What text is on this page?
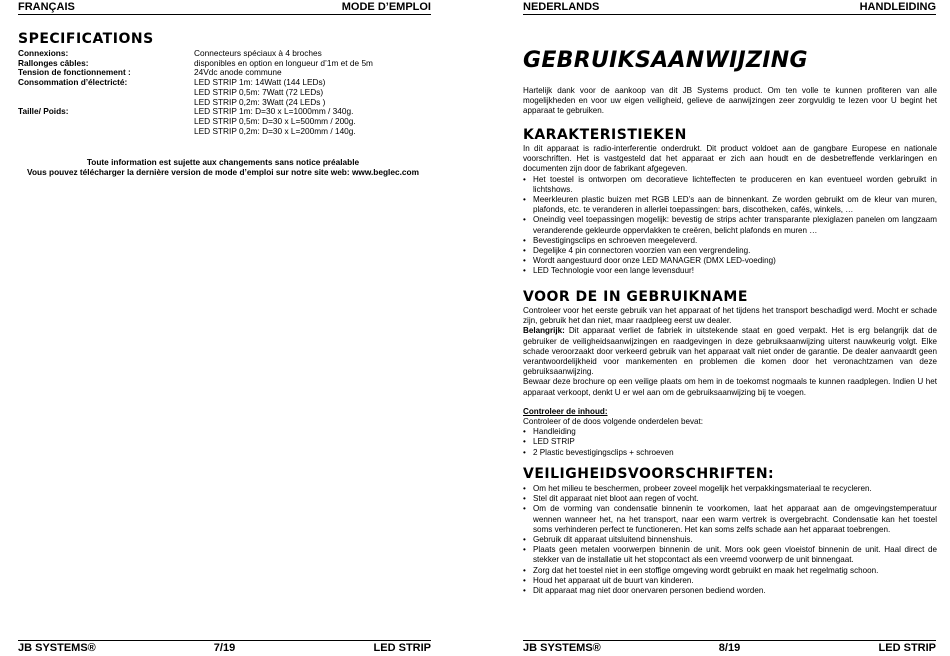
FRANÇAIS	MODE D’EMPLOI
SPECIFICATIONS
Connexions:	Connecteurs spéciaux à 4 broches
Rallonges câbles:	disponibles en option en longueur d’1m et de 5m
Tension de fonctionnement :	24Vdc anode commune
Consommation d’électricté:	LED STRIP 1m: 14Watt (144 LEDs)
LED STRIP 0,5m: 7Watt (72 LEDs)
LED STRIP 0,2m: 3Watt (24 LEDs )
Taille/ Poids:	LED STRIP 1m: D=30 x L=1000mm / 340g.
LED STRIP 0,5m: D=30 x L=500mm / 200g.
LED STRIP 0,2m: D=30 x L=200mm / 140g.
Toute information est sujette aux changements sans notice préalable
Vous pouvez télécharger la dernière version de mode d’emploi sur notre site web: www.beglec.com
JB SYSTEMS®	7/19	LED STRIP
NEDERLANDS	HANDLEIDING
GEBRUIKSAANWIJZING
Hartelijk dank voor de aankoop van dit JB Systems product. Om ten volle te kunnen profiteren van alle mogelijkheden en voor uw eigen veiligheid, gelieve de aanwijzingen zeer zorgvuldig te lezen voor U begint het apparaat te gebruiken.
KARAKTERISTIEKEN
In dit apparaat is radio-interferentie onderdrukt. Dit product voldoet aan de gangbare Europese en nationale voorschriften. Het is vastgesteld dat het apparaat er zich aan houdt en de desbetreffende verklaringen en documenten zijn door de fabrikant afgegeven.
• Het toestel is ontworpen om decoratieve lichteffecten te produceren en kan eventueel worden gebruikt in lichtshows.
• Meerkleuren plastic buizen met RGB LED’s aan de binnenkant. Ze worden gebruikt om de kleur van muren, plafonds, etc. te veranderen in allerlei toepassingen: bars, discotheken, cafés, winkels, …
• Oneindig veel toepassingen mogelijk: bevestig de strips achter transparante plexiglazen panelen om langzaam veranderende gekleurde oppervlakken te creëren, belicht plafonds en muren …
• Bevestigingsclips en schroeven meegeleverd.
• Degelijke 4 pin connectoren voorzien van een vergrendeling.
• Wordt aangestuurd door onze LED MANAGER (DMX LED-voeding)
• LED Technologie voor een lange levensduur!
VOOR DE IN GEBRUIKNAME
Controleer voor het eerste gebruik van het apparaat of het tijdens het transport beschadigd werd. Mocht er schade zijn, gebruik het dan niet, maar raadpleeg eerst uw dealer.
Belangrijk: Dit apparaat verliet de fabriek in uitstekende staat en goed verpakt. Het is erg belangrijk dat de gebruiker de veiligheidsaanwijzingen en raadgevingen in deze gebruiksaanwijzing uiterst nauwkeurig volgt. Elke schade veroorzaakt door verkeerd gebruik van het apparaat valt niet onder de garantie. De dealer aanvaardt geen verantwoordelijkheid voor mankementen en problemen die komen door het veronachtzamen van deze gebruiksaanwijzing.
Bewaar deze brochure op een veilige plaats om hem in de toekomst nogmaals te kunnen raadplegen. Indien U het apparaat verkoopt, denkt U er wel aan om de gebruiksaanwijzing bij te voegen.
Controleer de inhoud:
Controleer of de doos volgende onderdelen bevat:
• Handleiding
• LED STRIP
• 2 Plastic bevestigingsclips + schroeven
VEILIGHEIDSVOORSCHRIFTEN:
• Om het milieu te beschermen, probeer zoveel mogelijk het verpakkingsmateriaal te recycleren.
• Stel dit apparaat niet bloot aan regen of vocht.
• Om de vorming van condensatie binnenin te voorkomen, laat het apparaat aan de omgevingstemperatuur wennen wanneer het, na het transport, naar een warm vertrek is overgebracht. Condensatie kan het toestel soms verhinderen perfect te functioneren. Het kan soms zelfs schade aan het apparaat toebrengen.
• Gebruik dit apparaat uitsluitend binnenshuis.
• Plaats geen metalen voorwerpen binnenin de unit. Mors ook geen vloeistof binnenin de unit. Haal direct de stekker van de installatie uit het stopcontact als een vreemd voorwerp de unit binnengaat.
• Zorg dat het toestel niet in een stoffige omgeving wordt gebruikt en maak het regelmatig schoon.
• Houd het apparaat uit de buurt van kinderen.
• Dit apparaat mag niet door onervaren personen bediend worden.
JB SYSTEMS®	8/19	LED STRIP
